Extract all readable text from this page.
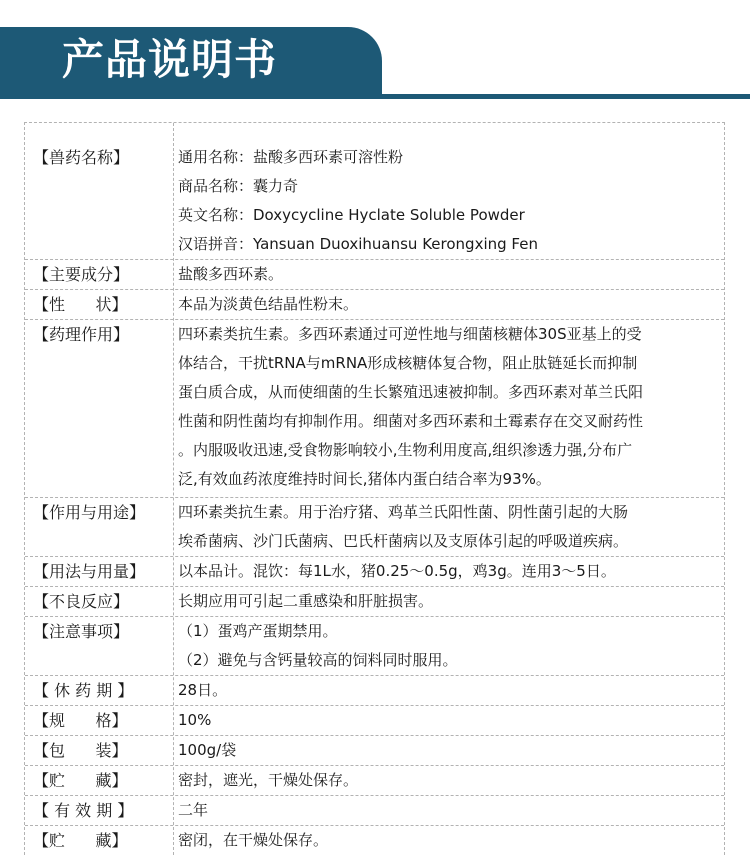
产品说明书
【兽药名称】	通用名称：盐酸多西环素可溶性粉
商品名称：囊力奇
英文名称：Doxycycline Hyclate Soluble Powder
汉语拼音：Yansuan Duoxihuansu Kerongxing Fen
【主要成分】	盐酸多西环素。
【性      状】	本品为淡黄色结晶性粉末。
【药理作用】	四环素类抗生素。多西环素通过可逆性地与细菌核糖体30S亚基上的受
体结合，干扰tRNA与mRNA形成核糖体复合物，阻止肽链延长而抑制
蛋白质合成，从而使细菌的生长繁殖迅速被抑制。多西环素对革兰氏阳
性菌和阴性菌均有抑制作用。细菌对多西环素和土霉素存在交叉耐药性
。内服吸收迅速,受食物影响较小,生物利用度高,组织渗透力强,分布广
泛,有效血药浓度维持时间长,猪体内蛋白结合率为93%。
【作用与用途】	四环素类抗生素。用于治疗猪、鸡革兰氏阳性菌、阴性菌引起的大肠
埃希菌病、沙门氏菌病、巴氏杆菌病以及支原体引起的呼吸道疾病。
【用法与用量】	以本品计。混饮：每1L水，猪0.25～0.5g，鸡3g。连用3～5日。
【不良反应】	长期应用可引起二重感染和肝脏损害。
【注意事项】	（1）蛋鸡产蛋期禁用。
（2）避免与含钙量较高的饲料同时服用。
【 休 药 期 】	28日。
【规      格】	10%
【包      装】	100g/袋
【贮      藏】	密封，遮光，干燥处保存。
【 有 效 期 】	二年
【贮      藏】	密闭，在干燥处保存。
